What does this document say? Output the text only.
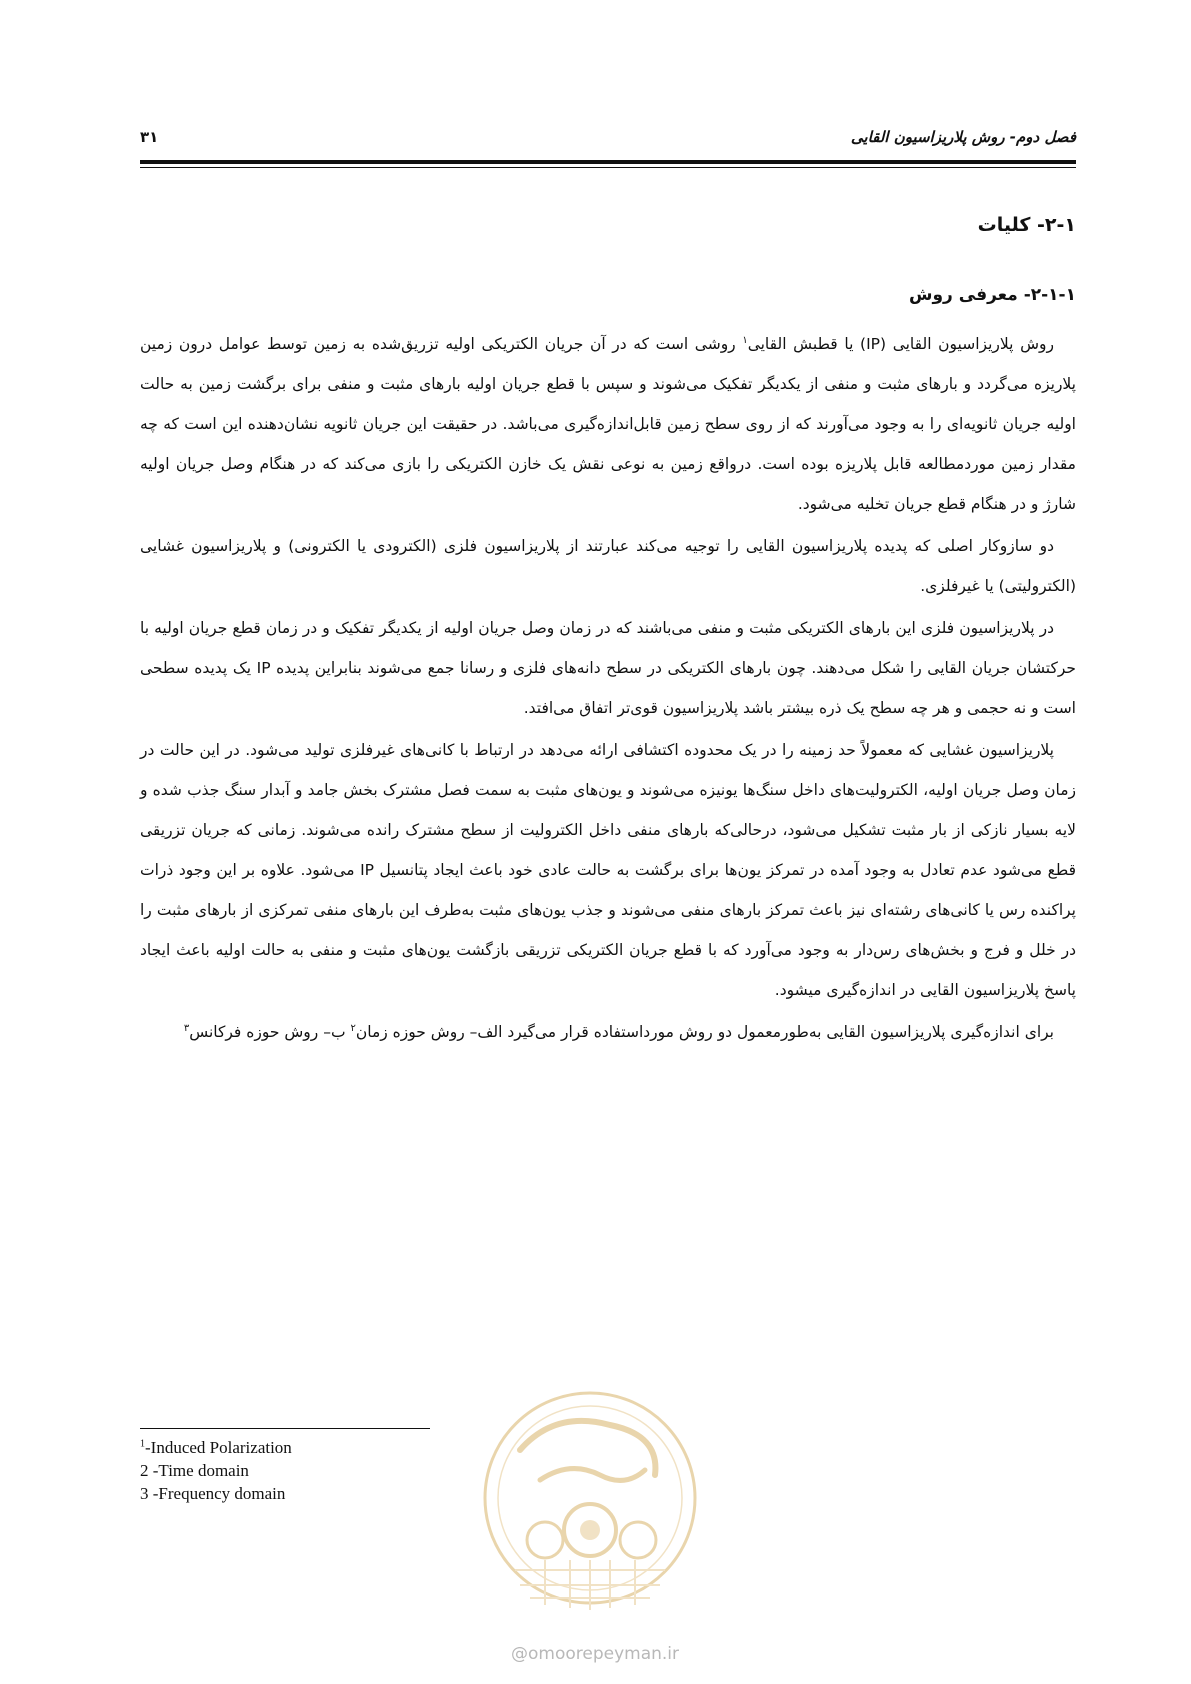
فصل دوم- روش پلاریزاسیون القایی
۳۱
۲-۱- کلیات
۲-۱-۱- معرفی روش

روش پلاریزاسیون القایی (IP) یا قطبش القایی$^۱$ روشی است که در آن جریان الکتریکی اولیه تزریق‌شده به زمین توسط عوامل درون زمین پلاریزه می‌گردد و بارهای مثبت و منفی از یکدیگر تفکیک می‌شوند و سپس با قطع جریان اولیه بارهای مثبت و منفی برای برگشت زمین به حالت اولیه جریان ثانویه‌ای را به وجود می‌آورند که از روی سطح زمین قابل‌اندازه‌گیری می‌باشد. در حقیقت این جریان ثانویه نشان‌دهنده این است که چه مقدار زمین موردمطالعه قابل پلاریزه بوده است. درواقع زمین به نوعی نقش یک خازن الکتریکی را بازی می‌کند که در هنگام وصل جریان اولیه شارژ و در هنگام قطع جریان تخلیه می‌شود.

دو سازوکار اصلی که پدیده پلاریزاسیون القایی را توجیه می‌کند عبارتند از پلاریزاسیون فلزی (الکترودی یا الکترونی) و پلاریزاسیون غشایی (الکترولیتی) یا غیرفلزی.

در پلاریزاسیون فلزی این بارهای الکتریکی مثبت و منفی می‌باشند که در زمان وصل جریان اولیه از یکدیگر تفکیک و در زمان قطع جریان اولیه با حرکتشان جریان القایی را شکل می‌دهند. چون بارهای الکتریکی در سطح دانه‌های فلزی و رسانا جمع می‌شوند بنابراین پدیده IP یک پدیده سطحی است و نه حجمی و هر چه سطح یک ذره بیشتر باشد پلاریزاسیون قوی‌تر اتفاق می‌افتد.

پلاریزاسیون غشایی که معمولاً حد زمینه را در یک محدوده اکتشافی ارائه می‌دهد در ارتباط با کانی‌های غیرفلزی تولید می‌شود. در این حالت در زمان وصل جریان اولیه، الکترولیت‌های داخل سنگ‌ها یونیزه می‌شوند و یون‌های مثبت به سمت فصل مشترک بخش جامد و آبدار سنگ جذب شده و لایه بسیار نازکی از بار مثبت تشکیل می‌شود، درحالی‌که بارهای منفی داخل الکترولیت از سطح مشترک رانده می‌شوند. زمانی که جریان تزریقی قطع می‌شود عدم تعادل به وجود آمده در تمرکز یون‌ها برای برگشت به حالت عادی خود باعث ایجاد پتانسیل IP می‌شود. علاوه بر این وجود ذرات پراکنده رس یا کانی‌های رشته‌ای نیز باعث تمرکز بارهای منفی می‌شوند و جذب یون‌های مثبت به‌طرف این بارهای منفی تمرکزی از بارهای مثبت را در خلل و فرج و بخش‌های رس‌دار به وجود می‌آورد که با قطع جریان الکتریکی تزریقی بازگشت یون‌های مثبت و منفی به حالت اولیه باعث ایجاد پاسخ پلاریزاسیون القایی در اندازه‌گیری میشود.

برای اندازه‌گیری پلاریزاسیون القایی به‌طورمعمول دو روش مورداستفاده قرار می‌گیرد الف– روش حوزه زمان$^۲$ ب– روش حوزه فرکانس$^۳$

$^1$-Induced Polarization
2 -Time domain
3 -Frequency domain
@omoorepeyman.ir
